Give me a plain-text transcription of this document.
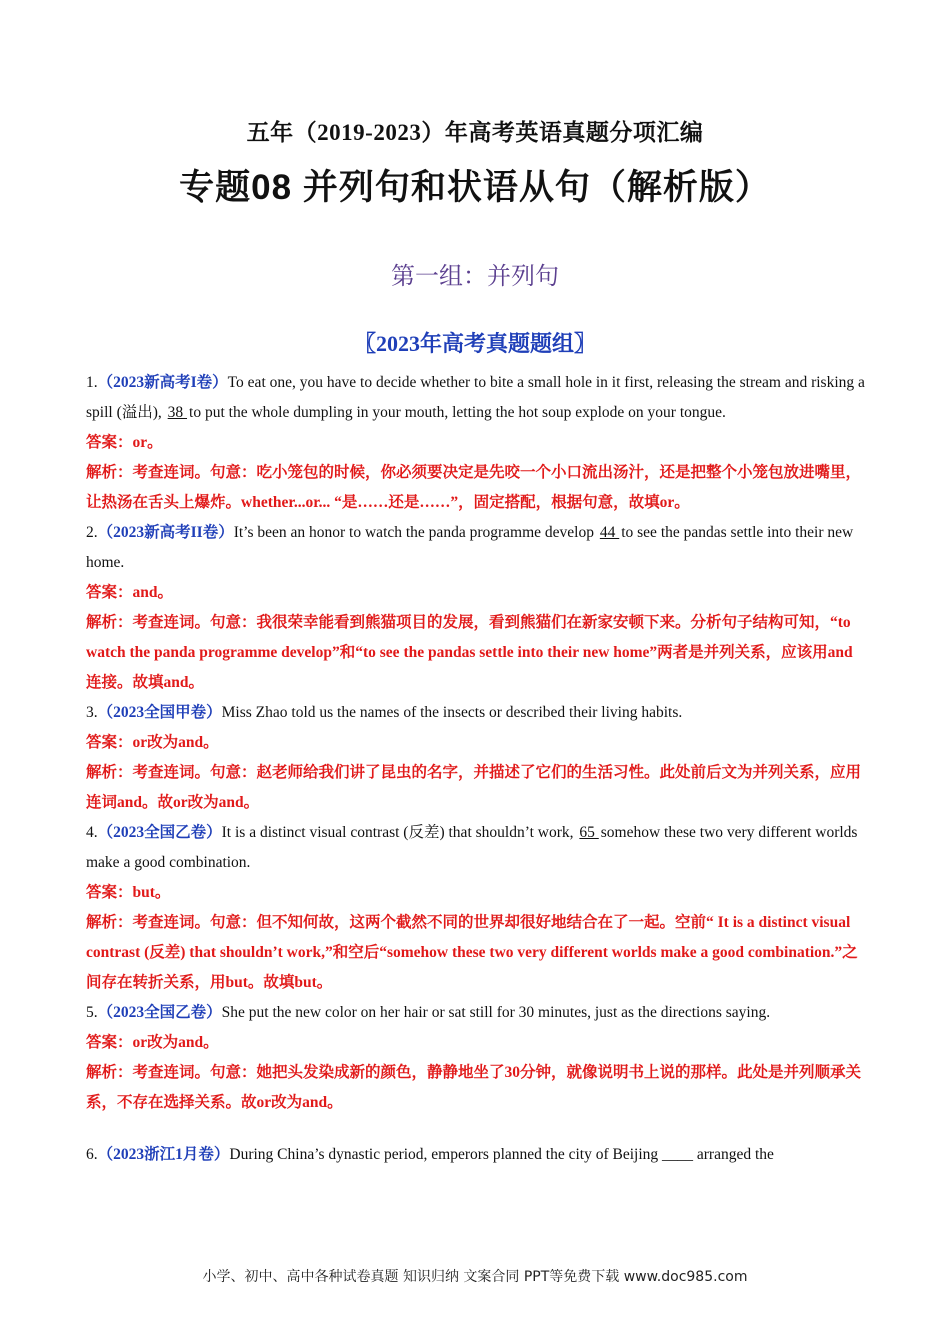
五年（2019-2023）年高考英语真题分项汇编
专题08 并列句和状语从句（解析版）
第一组：并列句
〖2023年高考真题题组〗

1.（2023新高考I卷）To eat one, you have to decide whether to bite a small hole in it first, releasing the stream and risking a spill (溢出), 38 to put the whole dumpling in your mouth, letting the hot soup explode on your tongue.

答案：or。

解析：考查连词。句意：吃小笼包的时候，你必须要决定是先咬一个小口流出汤汁，还是把整个小笼包放进嘴里，让热汤在舌头上爆炸。whether...or... “是……还是……”，固定搭配，根据句意，故填or。

2.（2023新高考II卷）It’s been an honor to watch the panda programme develop 44 to see the pandas settle into their new home.

答案：and。

解析：考查连词。句意：我很荣幸能看到熊猫项目的发展，看到熊猫们在新家安顿下来。分析句子结构可知，“to watch the panda programme develop”和“to see the pandas settle into their new home”两者是并列关系，应该用and连接。故填and。

3.（2023全国甲卷）Miss Zhao told us the names of the insects or described their living habits.

答案：or改为and。

解析：考查连词。句意：赵老师给我们讲了昆虫的名字，并描述了它们的生活习性。此处前后文为并列关系，应用连词and。故or改为and。

4.（2023全国乙卷）It is a distinct visual contrast (反差) that shouldn’t work, 65 somehow these two very different worlds make a good combination.

答案：but。

解析：考查连词。句意：但不知何故，这两个截然不同的世界却很好地结合在了一起。空前“ It is a distinct visual contrast (反差) that shouldn’t work,”和空后“somehow these two very different worlds make a good combination.”之间存在转折关系，用but。故填but。

5.（2023全国乙卷）She put the new color on her hair or sat still for 30 minutes, just as the directions saying.

答案：or改为and。

解析：考查连词。句意：她把头发染成新的颜色，静静地坐了30分钟，就像说明书上说的那样。此处是并列顺承关系，不存在选择关系。故or改为and。

6.（2023浙江1月卷）During China’s dynastic period, emperors planned the city of Beijing ____ arranged the

小学、初中、高中各种试卷真题 知识归纳 文案合同 PPT等免费下载 www.doc985.com
